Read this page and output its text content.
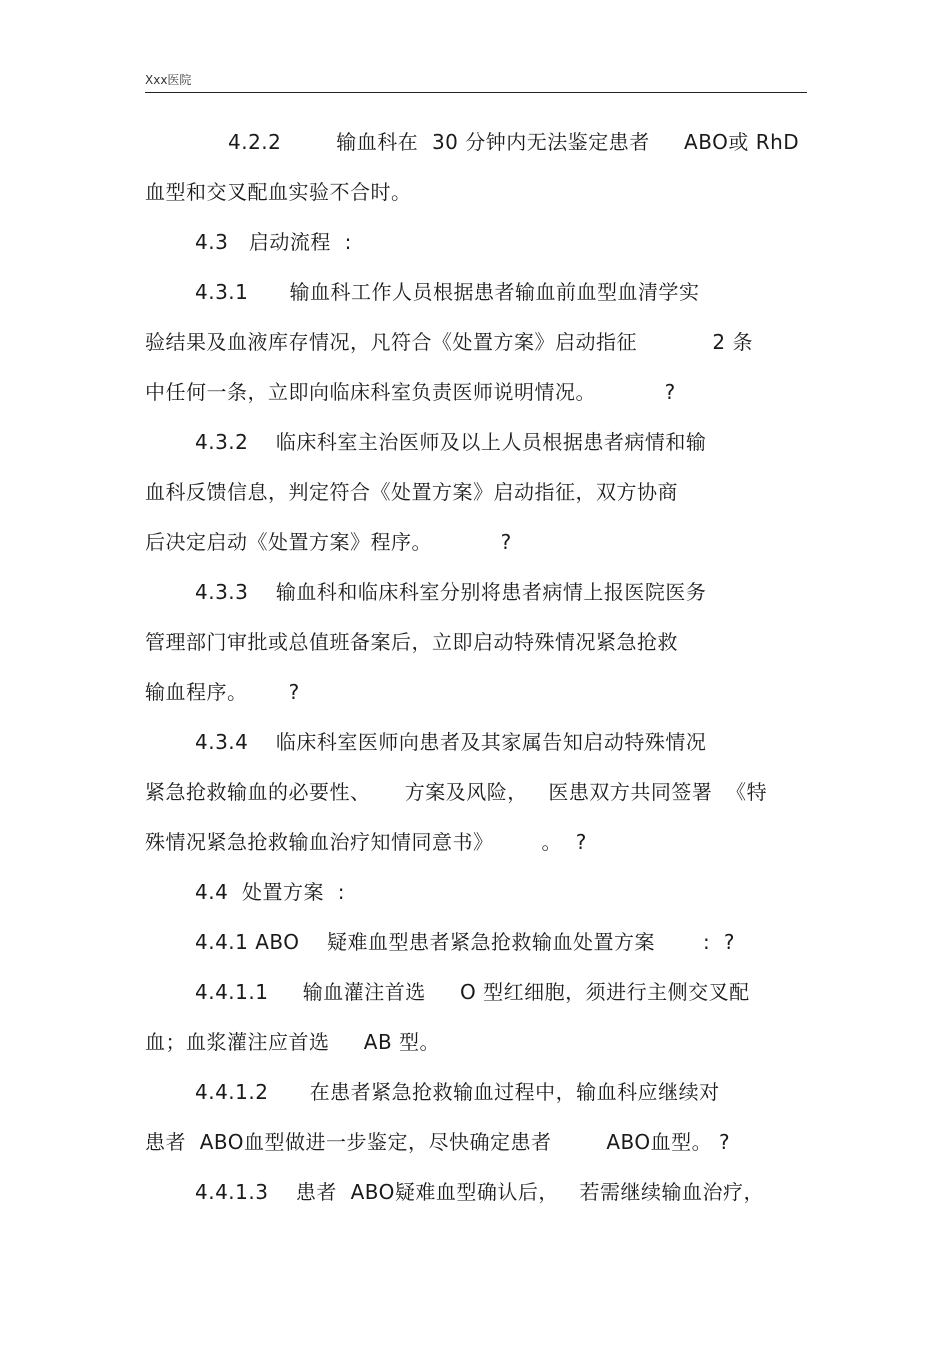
Xxx医院
4.2.2        输血科在  30 分钟内无法鉴定患者     ABO或 RhD
血型和交叉配血实验不合时。
4.3   启动流程  :
4.3.1      输血科工作人员根据患者输血前血型血清学实
验结果及血液库存情况，凡符合《处置方案》启动指征           2 条
中任何一条，立即向临床科室负责医师说明情况。          ?
4.3.2    临床科室主治医师及以上人员根据患者病情和输
血科反馈信息，判定符合《处置方案》启动指征，双方协商
后决定启动《处置方案》程序。          ?
4.3.3    输血科和临床科室分别将患者病情上报医院医务
管理部门审批或总值班备案后，立即启动特殊情况紧急抢救
输血程序。      ?
4.3.4    临床科室医师向患者及其家属告知启动特殊情况
紧急抢救输血的必要性、     方案及风险，   医患双方共同签署  《特
殊情况紧急抢救输血治疗知情同意书》       。  ?
4.4  处置方案  :
4.4.1 ABO    疑难血型患者紧急抢救输血处置方案       :  ?
4.4.1.1     输血灌注首选     O 型红细胞，须进行主侧交叉配
血；血浆灌注应首选     AB 型。
4.4.1.2      在患者紧急抢救输血过程中，输血科应继续对
患者  ABO血型做进一步鉴定，尽快确定患者        ABO血型。 ?
4.4.1.3    患者  ABO疑难血型确认后，   若需继续输血治疗，
